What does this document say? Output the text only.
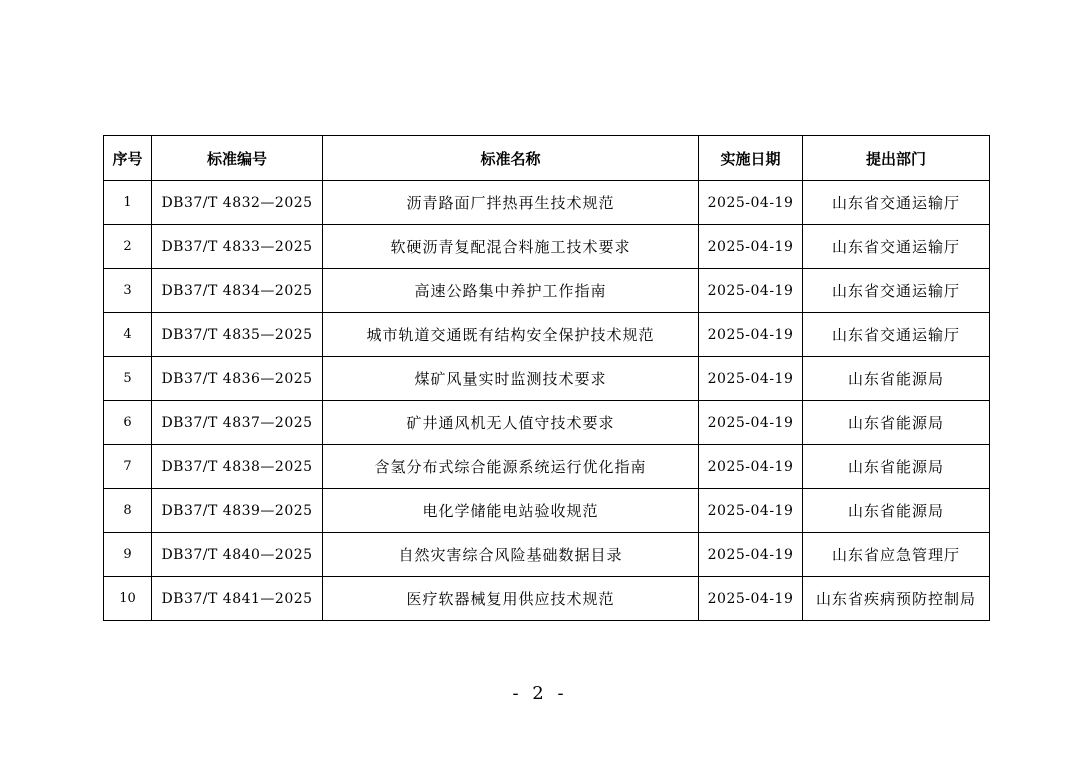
序号	标准编号	标准名称	实施日期	提出部门
1	DB37/T 4832—2025	沥青路面厂拌热再生技术规范	2025-04-19	山东省交通运输厅
2	DB37/T 4833—2025	软硬沥青复配混合料施工技术要求	2025-04-19	山东省交通运输厅
3	DB37/T 4834—2025	高速公路集中养护工作指南	2025-04-19	山东省交通运输厅
4	DB37/T 4835—2025	城市轨道交通既有结构安全保护技术规范	2025-04-19	山东省交通运输厅
5	DB37/T 4836—2025	煤矿风量实时监测技术要求	2025-04-19	山东省能源局
6	DB37/T 4837—2025	矿井通风机无人值守技术要求	2025-04-19	山东省能源局
7	DB37/T 4838—2025	含氢分布式综合能源系统运行优化指南	2025-04-19	山东省能源局
8	DB37/T 4839—2025	电化学储能电站验收规范	2025-04-19	山东省能源局
9	DB37/T 4840—2025	自然灾害综合风险基础数据目录	2025-04-19	山东省应急管理厅
10	DB37/T 4841—2025	医疗软器械复用供应技术规范	2025-04-19	山东省疾病预防控制局
- 2 -
